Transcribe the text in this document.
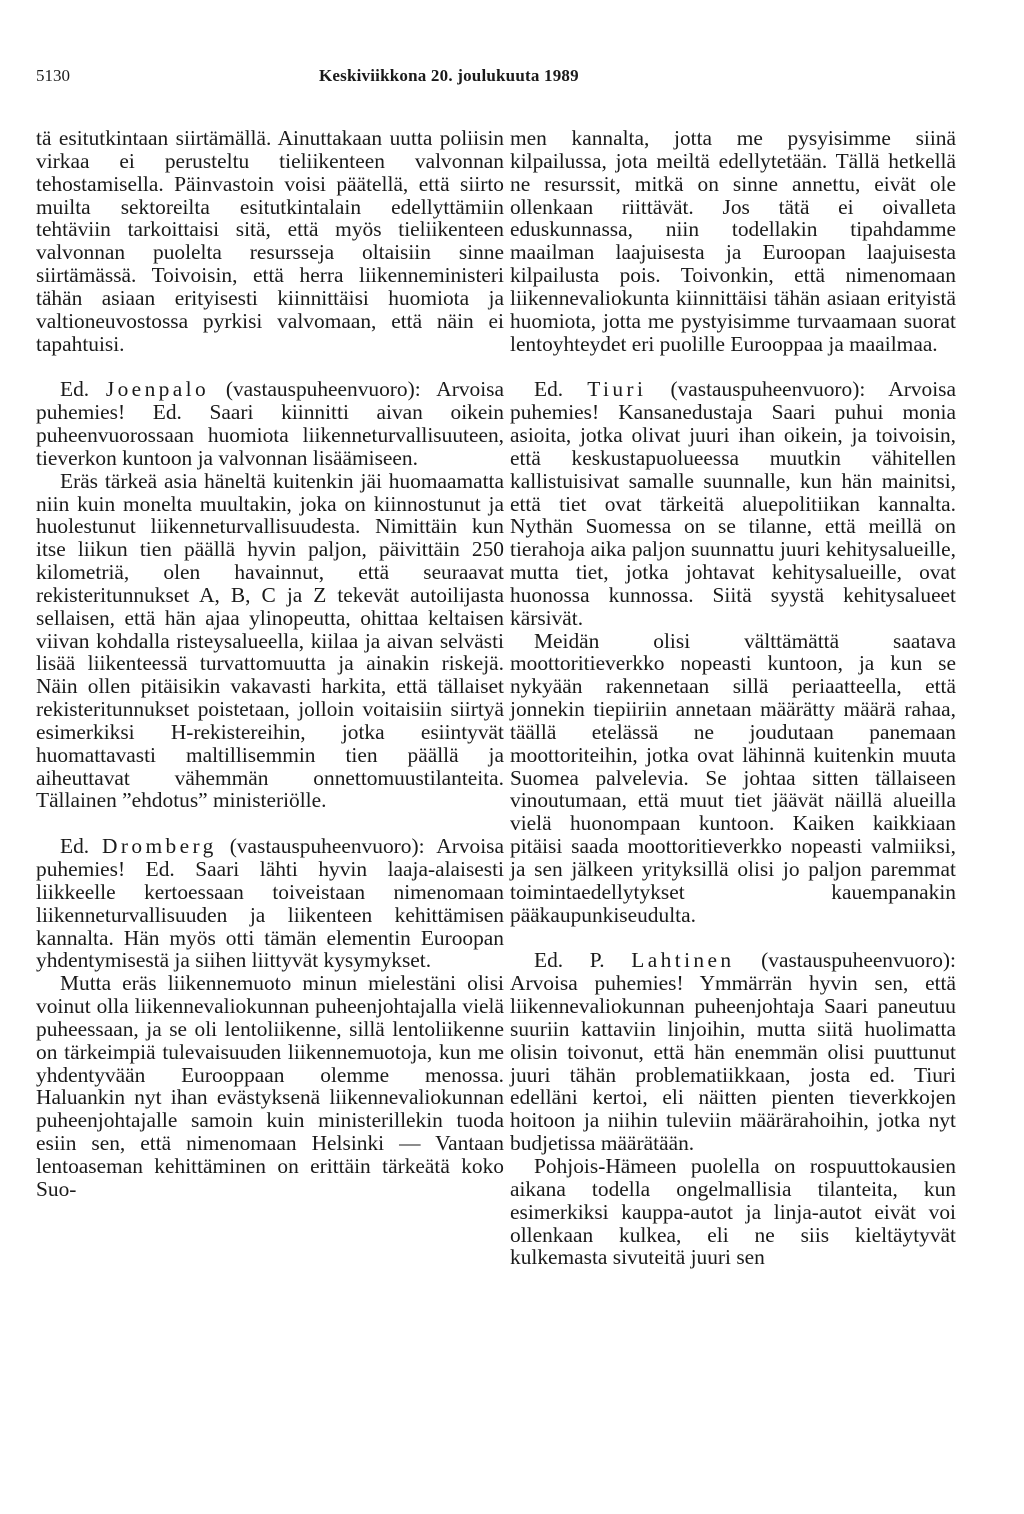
5130	Keskiviikkona 20. joulukuuta 1989

tä esitutkintaan siirtämällä. Ainuttakaan uutta poliisin virkaa ei perusteltu tieliikenteen valvonnan tehostamisella. Päinvastoin voisi päätellä, että siirto muilta sektoreilta esitutkintalain edellyttämiin tehtäviin tarkoittaisi sitä, että myös tieliikenteen valvonnan puolelta resursseja oltaisiin sinne siirtämässä. Toivoisin, että herra liikenneministeri tähän asiaan erityisesti kiinnittäisi huomiota ja valtioneuvostossa pyrkisi valvomaan, että näin ei tapahtuisi.

Ed. Joenpalo (vastauspuheenvuoro): Arvoisa puhemies! Ed. Saari kiinnitti aivan oikein puheenvuorossaan huomiota liikenneturvallisuuteen, tieverkon kuntoon ja valvonnan lisäämiseen.

Eräs tärkeä asia häneltä kuitenkin jäi huomaamatta niin kuin monelta muultakin, joka on kiinnostunut ja huolestunut liikenneturvallisuudesta. Nimittäin kun itse liikun tien päällä hyvin paljon, päivittäin 250 kilometriä, olen havainnut, että seuraavat rekisteritunnukset A, B, C ja Z tekevät autoilijasta sellaisen, että hän ajaa ylinopeutta, ohittaa keltaisen viivan kohdalla risteysalueella, kiilaa ja aivan selvästi lisää liikenteessä turvattomuutta ja ainakin riskejä. Näin ollen pitäisikin vakavasti harkita, että tällaiset rekisteritunnukset poistetaan, jolloin voitaisiin siirtyä esimerkiksi H-rekistereihin, jotka esiintyvät huomattavasti maltillisemmin tien päällä ja aiheuttavat vähemmän onnettomuustilanteita. Tällainen ”ehdotus” ministeriölle.

Ed. Dromberg (vastauspuheenvuoro): Arvoisa puhemies! Ed. Saari lähti hyvin laaja-alaisesti liikkeelle kertoessaan toiveistaan nimenomaan liikenneturvallisuuden ja liikenteen kehittämisen kannalta. Hän myös otti tämän elementin Euroopan yhdentymisestä ja siihen liittyvät kysymykset.

Mutta eräs liikennemuoto minun mielestäni olisi voinut olla liikennevaliokunnan puheenjohtajalla vielä puheessaan, ja se oli lentoliikenne, sillä lentoliikenne on tärkeimpiä tulevaisuuden liikennemuotoja, kun me yhdentyvään Eurooppaan olemme menossa. Haluankin nyt ihan evästyksenä liikennevaliokunnan puheenjohtajalle samoin kuin ministerillekin tuoda esiin sen, että nimenomaan Helsinki — Vantaan lentoaseman kehittäminen on erittäin tärkeätä koko Suo-

men kannalta, jotta me pysyisimme siinä kilpailussa, jota meiltä edellytetään. Tällä hetkellä ne resurssit, mitkä on sinne annettu, eivät ole ollenkaan riittävät. Jos tätä ei oivalleta eduskunnassa, niin todellakin tipahdamme maailman laajuisesta ja Euroopan laajuisesta kilpailusta pois. Toivonkin, että nimenomaan liikennevaliokunta kiinnittäisi tähän asiaan erityistä huomiota, jotta me pystyisimme turvaamaan suorat lentoyhteydet eri puolille Eurooppaa ja maailmaa.

Ed. Tiuri (vastauspuheenvuoro): Arvoisa puhemies! Kansanedustaja Saari puhui monia asioita, jotka olivat juuri ihan oikein, ja toivoisin, että keskustapuolueessa muutkin vähitellen kallistuisivat samalle suunnalle, kun hän mainitsi, että tiet ovat tärkeitä aluepolitiikan kannalta. Nythän Suomessa on se tilanne, että meillä on tierahoja aika paljon suunnattu juuri kehitysalueille, mutta tiet, jotka johtavat kehitysalueille, ovat huonossa kunnossa. Siitä syystä kehitysalueet kärsivät.

Meidän olisi välttämättä saatava moottoritieverkko nopeasti kuntoon, ja kun se nykyään rakennetaan sillä periaatteella, että jonnekin tiepiiriin annetaan määrätty määrä rahaa, täällä etelässä ne joudutaan panemaan moottoriteihin, jotka ovat lähinnä kuitenkin muuta Suomea palvelevia. Se johtaa sitten tällaiseen vinoutumaan, että muut tiet jäävät näillä alueilla vielä huonompaan kuntoon. Kaiken kaikkiaan pitäisi saada moottoritieverkko nopeasti valmiiksi, ja sen jälkeen yrityksillä olisi jo paljon paremmat toimintaedellytykset kauempanakin pääkaupunkiseudulta.

Ed. P. Lahtinen (vastauspuheenvuoro): Arvoisa puhemies! Ymmärrän hyvin sen, että liikennevaliokunnan puheenjohtaja Saari paneutuu suuriin kattaviin linjoihin, mutta siitä huolimatta olisin toivonut, että hän enemmän olisi puuttunut juuri tähän problematiikkaan, josta ed. Tiuri edelläni kertoi, eli näitten pienten tieverkkojen hoitoon ja niihin tuleviin määrärahoihin, jotka nyt budjetissa määrätään.

Pohjois-Hämeen puolella on rospuuttokausien aikana todella ongelmallisia tilanteita, kun esimerkiksi kauppa-autot ja linja-autot eivät voi ollenkaan kulkea, eli ne siis kieltäytyvät kulkemasta sivuteitä juuri sen
